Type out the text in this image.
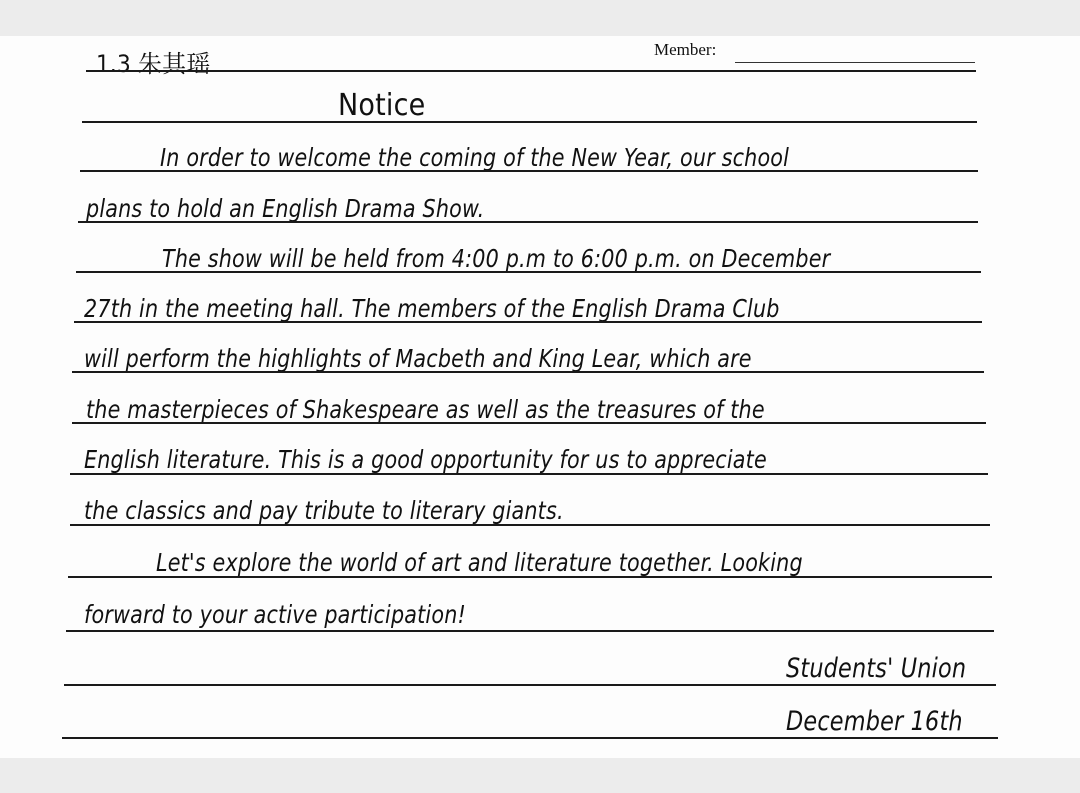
1.3 朱其瑶
Member:
Notice
In order to welcome the coming of the New Year, our school
plans to hold an English Drama Show.
The show will be held from 4:00 p.m to 6:00 p.m. on December
27th in the meeting hall. The members of the English Drama Club
will perform the highlights of Macbeth and King Lear, which are
the masterpieces of Shakespeare as well as the treasures of the
English literature. This is a good opportunity for us to appreciate
the classics and pay tribute to literary giants.
Let's explore the world of art and literature together. Looking
forward to your active participation!
Students' Union
December 16th
